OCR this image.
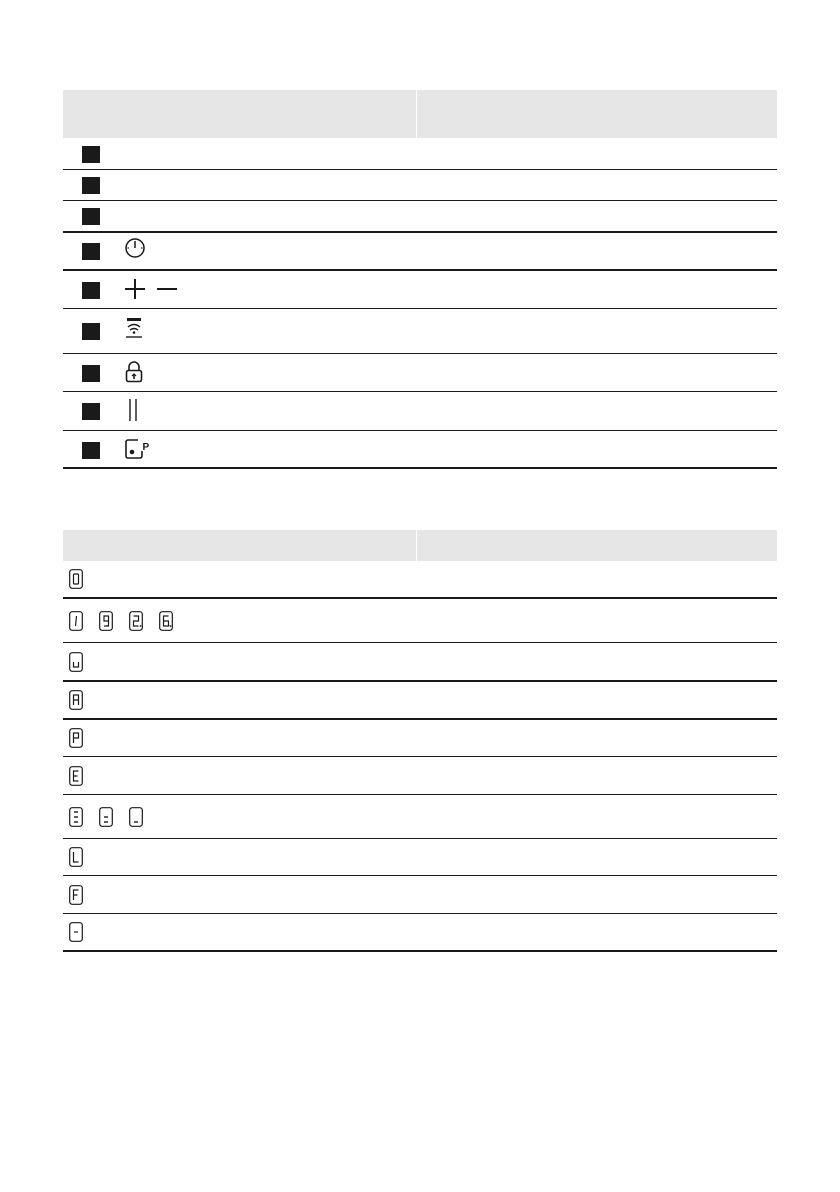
P
